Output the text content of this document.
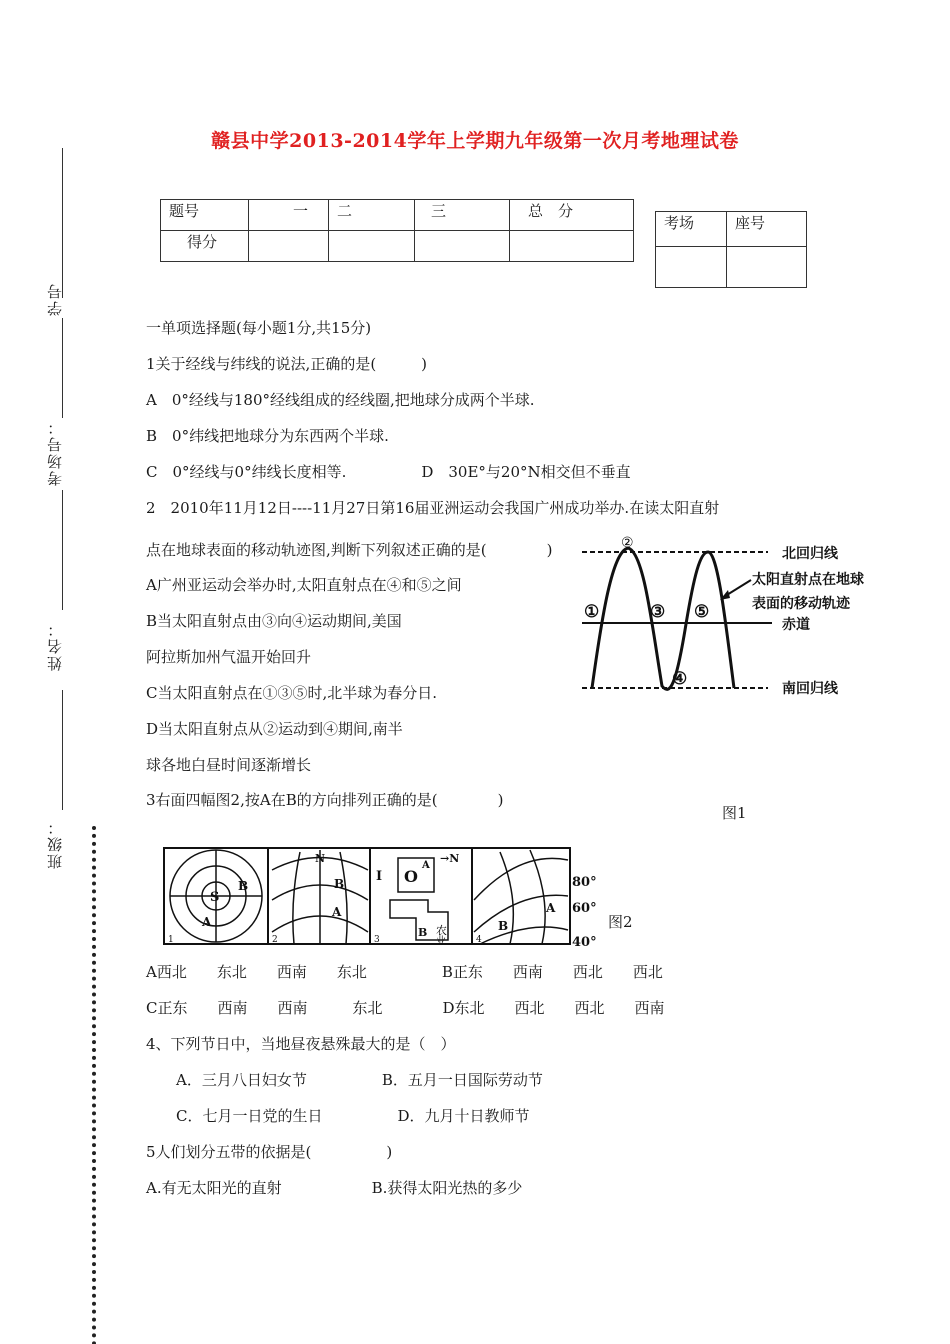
赣县中学2013-2014学年上学期九年级第一次月考地理试卷
学号
考场号：
姓名：
班级：
题号	一	二	三	总　分
得分				
考场	座号

一单项选择题(每小题1分,共15分)
1关于经线与纬线的说法,正确的是(　　　)
A　0°经线与180°经线组成的经线圈,把地球分成两个半球.
B　0°纬线把地球分为东西两个半球.
C　0°经线与0°纬线长度相等.　　　　　D　30E°与20°N相交但不垂直
2　2010年11月12日----11月27日第16届亚洲运动会我国广州成功举办.在读太阳直射
点在地球表面的移动轨迹图,判断下列叙述正确的是(　　　　)
A广州亚运动会举办时,太阳直射点在④和⑤之间
B当太阳直射点由③向④运动期间,美国
阿拉斯加州气温开始回升
C当太阳直射点在①③⑤时,北半球为春分日.
D当太阳直射点从②运动到④期间,南半
球各地白昼时间逐渐增长
3右面四幅图2,按A在B的方向排列正确的是(　　　　)
A西北　　东北　　西南　　东北　　　　　B正东　　西南　　西北　　西北
C正东　　西南　　西南　　　东北　　　　D东北　　西北　　西北　　西南
4、下列节日中，当地昼夜悬殊最大的是（　）
　　A．三月八日妇女节　　　　　B．五月一日国际劳动节
　　C．七月一日党的生日　　　　　D．九月十日教师节
5人们划分五带的依据是(　　　　　)
A.有无太阳光的直射　　　　　　B.获得太阳光热的多少
②
①	③ ⑤
④
北回归线
太阳直射点在地球
表面的移动轨迹
赤道
南回归线
图1
S
B
A
N
B
A
I O
A
→N
农
业
B
A
B
80°
60°
40°
1	2	3	4
图2
